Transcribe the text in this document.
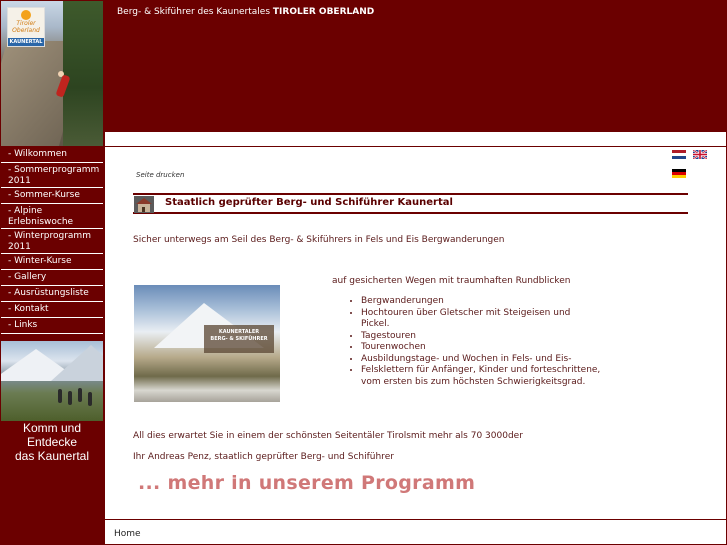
Tiroler Oberland
KAUNERTAL
- Wilkommen
- Sommerprogramm 2011
- Sommer-Kurse
- Alpine Erlebniswoche
- Winterprogramm 2011
- Winter-Kurse
- Gallery
- Ausrüstungsliste
- Kontakt
- Links
Komm und Entdecke
das Kaunertal
Berg- & Skiführer des Kaunertales TIROLER OBERLAND

Seite drucken
Staatlich geprüfter Berg- und Schiführer Kaunertal
Sicher unterwegs am Seil des Berg- & Skiführers in Fels und Eis Bergwanderungen
auf gesicherten Wegen mit traumhaften Rundblicken
KAUNERTALER
BERG- & SKIFÜHRER
• Bergwanderungen
• Hochtouren über Gletscher mit Steigeisen und Pickel.
• Tagestouren
• Tourenwochen
• Ausbildungstage- und Wochen in Fels- und Eis-
• Felsklettern für Anfänger, Kinder und forteschrittene, vom ersten bis zum höchsten Schwierigkeitsgrad.
All dies erwartet Sie in einem der schönsten Seitentäler Tirolsmit mehr als 70 3000der
Ihr Andreas Penz, staatlich geprüfter Berg- und Schiführer
... mehr in unserem Programm
Home
